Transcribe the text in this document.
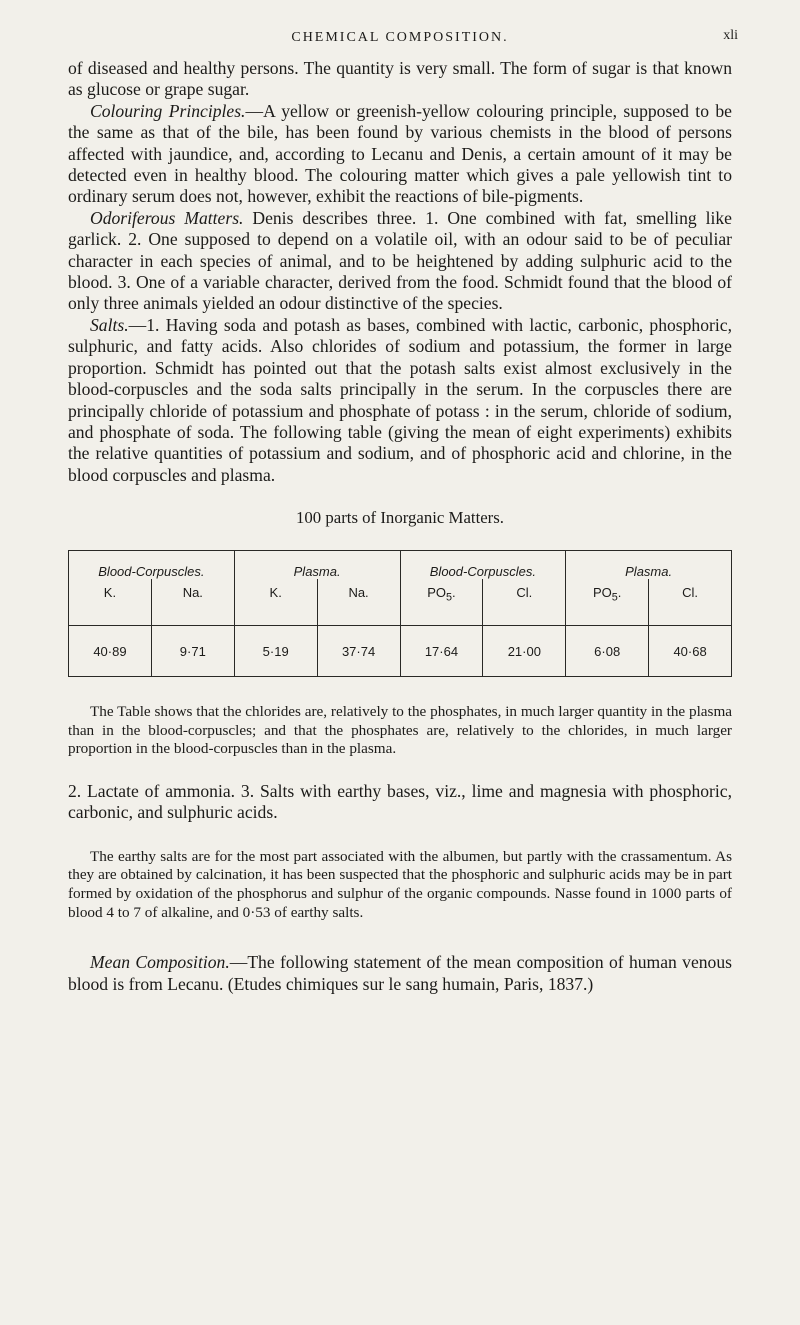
CHEMICAL COMPOSITION.	xli

of diseased and healthy persons. The quantity is very small. The form of sugar is that known as glucose or grape sugar.

Colouring Principles.—A yellow or greenish-yellow colouring principle, supposed to be the same as that of the bile, has been found by various chemists in the blood of persons affected with jaundice, and, according to Lecanu and Denis, a certain amount of it may be detected even in healthy blood. The colouring matter which gives a pale yellowish tint to ordinary serum does not, however, exhibit the reactions of bile-pigments.

Odoriferous Matters. Denis describes three. 1. One combined with fat, smelling like garlick. 2. One supposed to depend on a volatile oil, with an odour said to be of peculiar character in each species of animal, and to be heightened by adding sulphuric acid to the blood. 3. One of a variable character, derived from the food. Schmidt found that the blood of only three animals yielded an odour distinctive of the species.

Salts.—1. Having soda and potash as bases, combined with lactic, carbonic, phosphoric, sulphuric, and fatty acids. Also chlorides of sodium and potassium, the former in large proportion. Schmidt has pointed out that the potash salts exist almost exclusively in the blood-corpuscles and the soda salts principally in the serum. In the corpuscles there are principally chloride of potassium and phosphate of potass : in the serum, chloride of sodium, and phosphate of soda. The following table (giving the mean of eight experiments) exhibits the relative quantities of potassium and sodium, and of phosphoric acid and chlorine, in the blood corpuscles and plasma.

100 parts of Inorganic Matters.
Blood-Corpuscles.		Plasma.		Blood-Corpuscles.		Plasma.	
K.	Na.	K.	Na.	$PO_5$.	Cl.	$PO_5$.	Cl.
40·89	9·71	5·19	37·74	17·64	21·00	6·08	40·68

The Table shows that the chlorides are, relatively to the phosphates, in much larger quantity in the plasma than in the blood-corpuscles; and that the phosphates are, relatively to the chlorides, in much larger proportion in the blood-corpuscles than in the plasma.

2. Lactate of ammonia. 3. Salts with earthy bases, viz., lime and magnesia with phosphoric, carbonic, and sulphuric acids.

The earthy salts are for the most part associated with the albumen, but partly with the crassamentum. As they are obtained by calcination, it has been suspected that the phosphoric and sulphuric acids may be in part formed by oxidation of the phosphorus and sulphur of the organic compounds. Nasse found in 1000 parts of blood 4 to 7 of alkaline, and 0·53 of earthy salts.

Mean Composition.—The following statement of the mean composition of human venous blood is from Lecanu. (Etudes chimiques sur le sang humain, Paris, 1837.)
